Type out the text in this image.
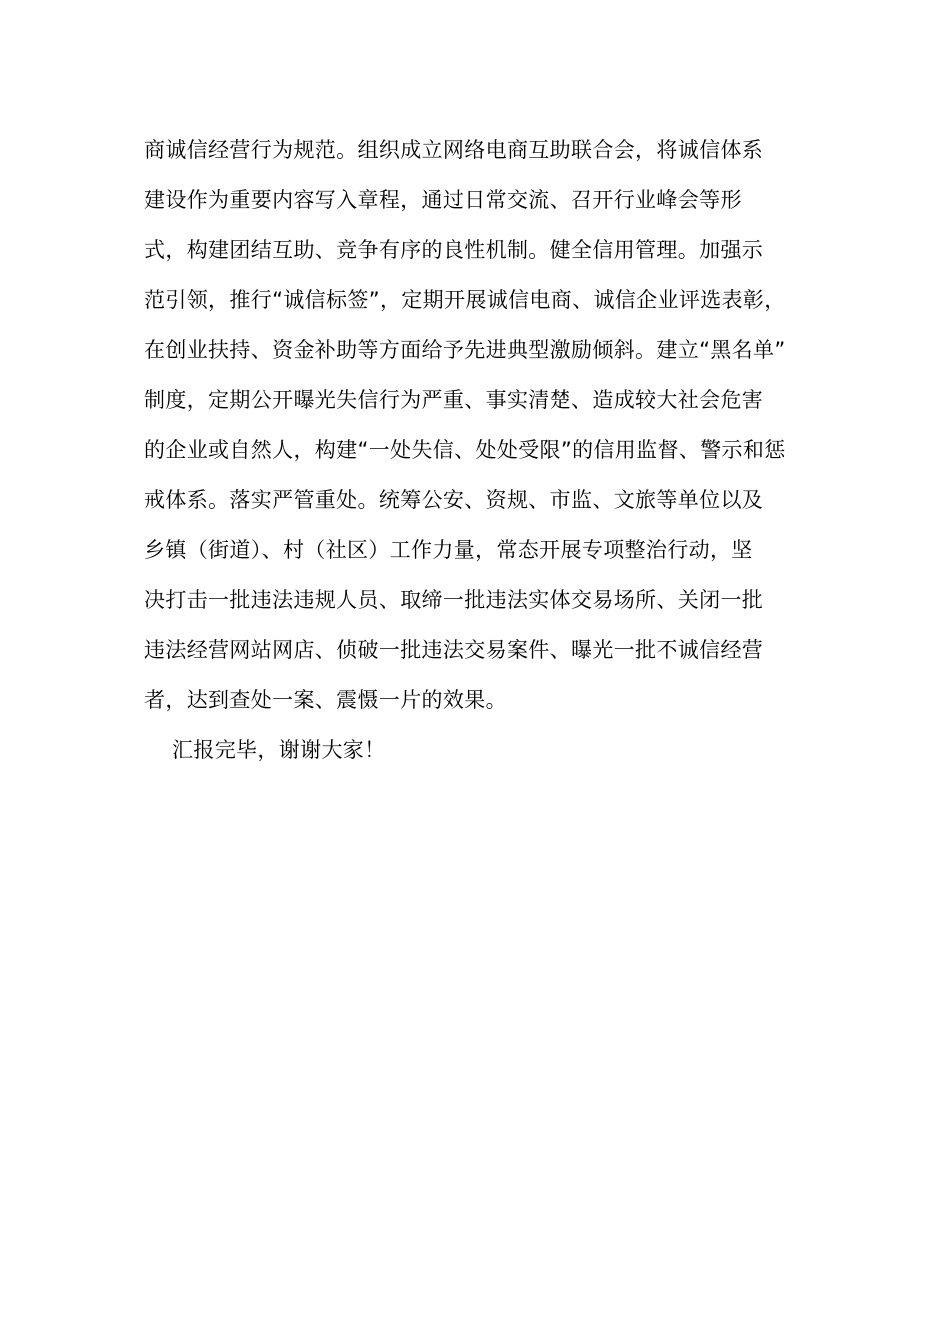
商诚信经营行为规范。组织成立网络电商互助联合会，将诚信体系
建设作为重要内容写入章程，通过日常交流、召开行业峰会等形
式，构建团结互助、竞争有序的良性机制。健全信用管理。加强示
范引领，推行“诚信标签”，定期开展诚信电商、诚信企业评选表彰，
在创业扶持、资金补助等方面给予先进典型激励倾斜。建立“黑名单”
制度，定期公开曝光失信行为严重、事实清楚、造成较大社会危害
的企业或自然人，构建“一处失信、处处受限”的信用监督、警示和惩
戒体系。落实严管重处。统筹公安、资规、市监、文旅等单位以及
乡镇（街道）、村（社区）工作力量，常态开展专项整治行动，坚
决打击一批违法违规人员、取缔一批违法实体交易场所、关闭一批
违法经营网站网店、侦破一批违法交易案件、曝光一批不诚信经营
者，达到查处一案、震慑一片的效果。
汇报完毕，谢谢大家！
